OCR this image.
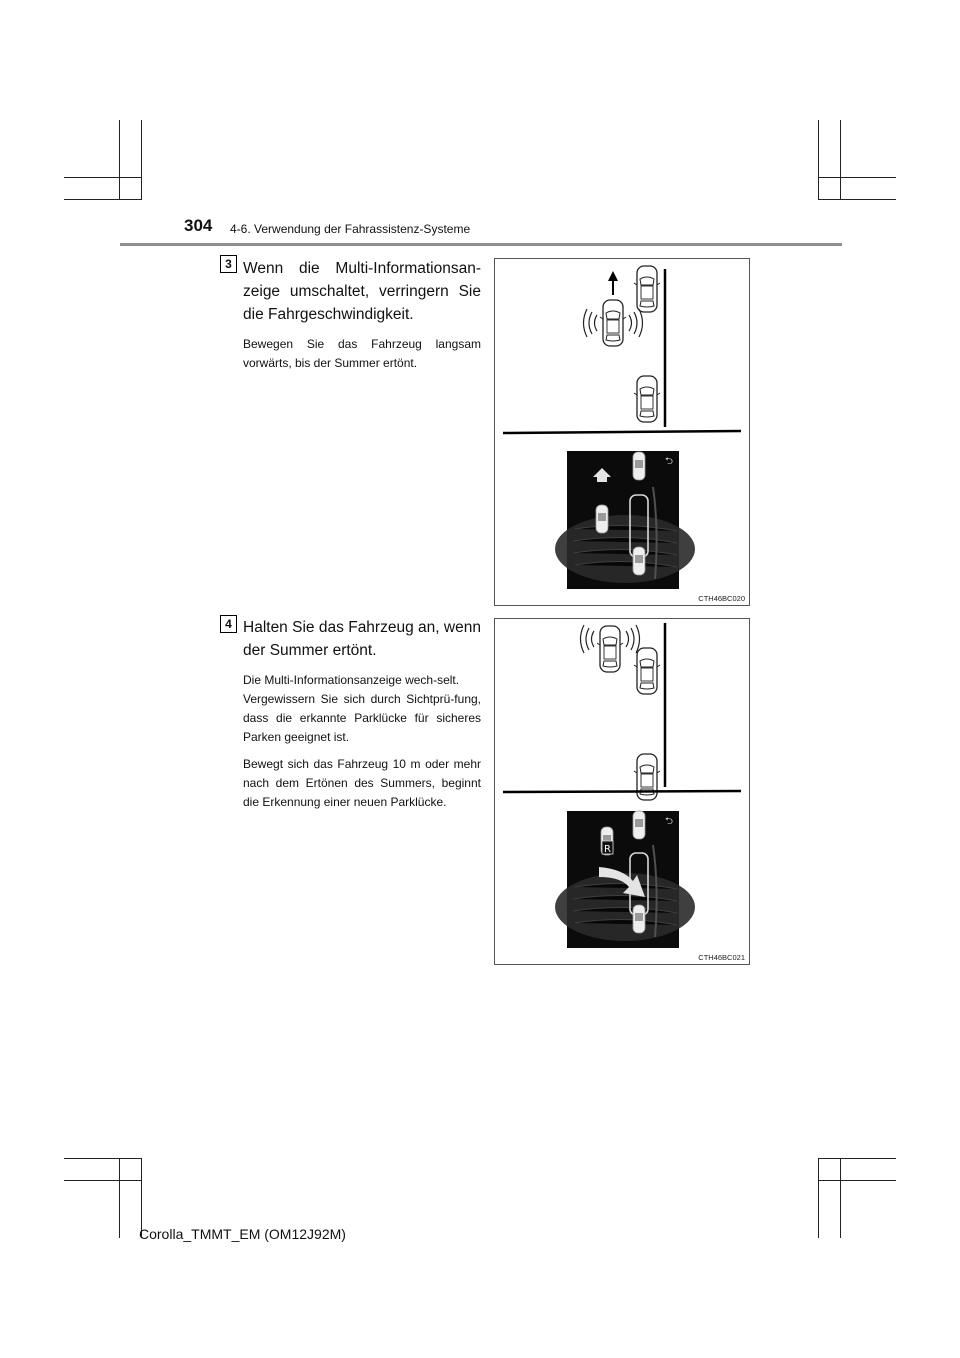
304 4-6. Verwendung der Fahrassistenz-Systeme
3 Wenn die Multi-Informationsan-zeige umschaltet, verringern Sie die Fahrgeschwindigkeit.

Bewegen Sie das Fahrzeug langsam vorwärts, bis der Summer ertönt.

⮌
CTH46BC020
4 Halten Sie das Fahrzeug an, wenn der Summer ertönt.

Die Multi-Informationsanzeige wech-selt.

Vergewissern Sie sich durch Sichtprü-fung, dass die erkannte Parklücke für sicheres Parken geeignet ist.

Bewegt sich das Fahrzeug 10 m oder mehr nach dem Ertönen des Summers, beginnt die Erkennung einer neuen Parklücke.

R
⮌
CTH46BC021
Corolla_TMMT_EM (OM12J92M)
